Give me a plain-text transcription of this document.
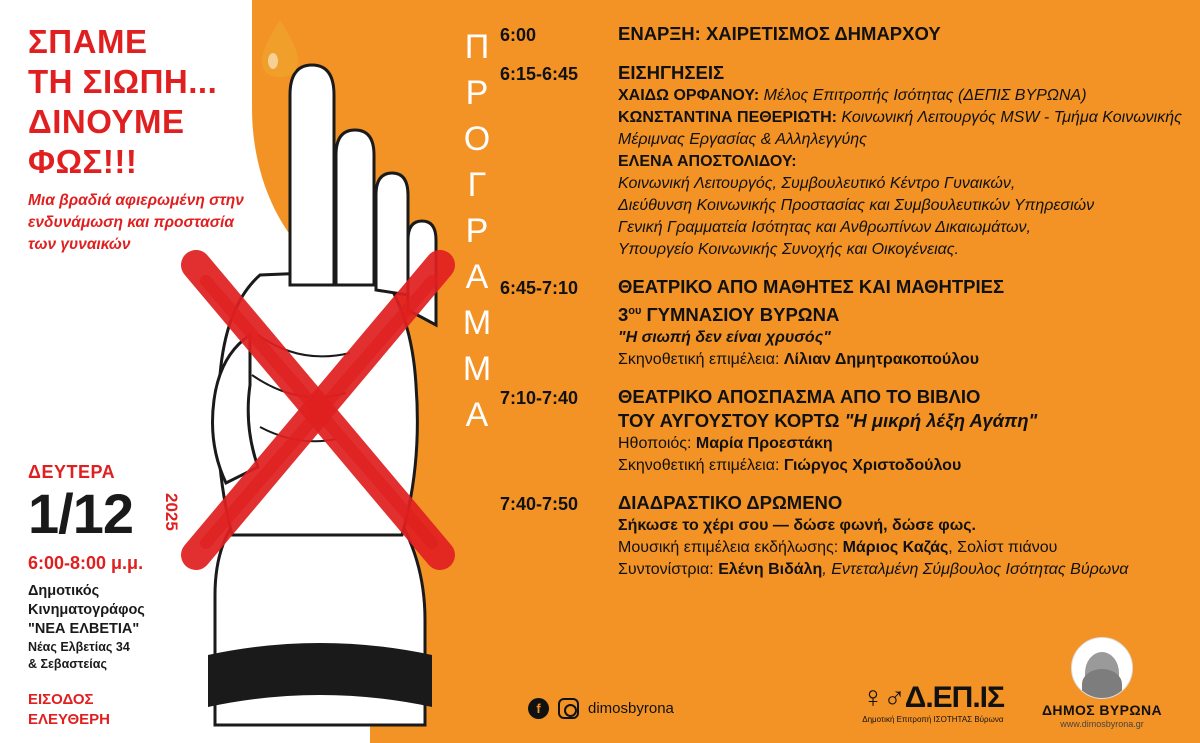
ΣΠΑΜΕ
ΤΗ ΣΙΩΠΗ...
ΔΙΝΟΥΜΕ
ΦΩΣ!!!
Μια βραδιά αφιερωμένη στην ενδυνάμωση και προστασία των γυναικών
ΔΕΥΤΕΡΑ
1/12	2025
6:00-8:00 μ.μ.
Δημοτικός
Κινηματογράφος
"ΝΕΑ ΕΛΒΕΤΙΑ"
Νέας Ελβετίας 34
& Σεβαστείας
ΕΙΣΟΔΟΣ
ΕΛΕΥΘΕΡΗ
Π
Ρ
Ο
Γ
Ρ
Α
Μ
Μ
Α
6:00	ΕΝΑΡΞΗ: ΧΑΙΡΕΤΙΣΜΟΣ ΔΗΜΑΡΧΟΥ
6:15-6:45	ΕΙΣΗΓΗΣΕΙΣ
ΧΑΙΔΩ ΟΡΦΑΝΟΥ: Μέλος Επιτροπής Ισότητας (ΔΕΠΙΣ ΒΥΡΩΝΑ)
ΚΩΝΣΤΑΝΤΙΝΑ ΠΕΘΕΡΙΩΤΗ: Κοινωνική Λειτουργός MSW - Τμήμα Κοινωνικής Μέριμνας Εργασίας & Αλληλεγγύης
ΕΛΕΝΑ ΑΠΟΣΤΟΛΙΔΟΥ:
Κοινωνική Λειτουργός, Συμβουλευτικό Κέντρο Γυναικών,
Διεύθυνση Κοινωνικής Προστασίας και Συμβουλευτικών Υπηρεσιών
Γενική Γραμματεία Ισότητας και Ανθρωπίνων Δικαιωμάτων,
Υπουργείο Κοινωνικής Συνοχής και Οικογένειας.
6:45-7:10	ΘΕΑΤΡΙΚΟ ΑΠΟ ΜΑΘΗΤΕΣ ΚΑΙ ΜΑΘΗΤΡΙΕΣ
$3^{o\upsilon}$ ΓΥΜΝΑΣΙΟΥ ΒΥΡΩΝΑ
"Η σιωπή δεν είναι χρυσός"
Σκηνοθετική επιμέλεια: Λίλιαν Δημητρακοπούλου
7:10-7:40	ΘΕΑΤΡΙΚΟ ΑΠΟΣΠΑΣΜΑ ΑΠΟ ΤΟ ΒΙΒΛΙΟ
ΤΟΥ ΑΥΓΟΥΣΤΟΥ ΚΟΡΤΩ "Η μικρή λέξη Αγάπη"
Ηθοποιός: Μαρία Προεστάκη
Σκηνοθετική επιμέλεια: Γιώργος Χριστοδούλου
7:40-7:50	ΔΙΑΔΡΑΣΤΙΚΟ ΔΡΩΜΕΝΟ
Σήκωσε το χέρι σου — δώσε φωνή, δώσε φως.
Μουσική επιμέλεια εκδήλωσης: Μάριος Καζάς, Σολίστ πιάνου
Συντονίστρια: Ελένη Βιδάλη, Εντεταλμένη Σύμβουλος Ισότητας Βύρωνα
f	dimosbyrona	♀♂Δ.ΕΠ.ΙΣ
Δημοτική Επιτροπή ΙΣΟΤΗΤΑΣ Βύρωνα
ΔΗΜΟΣ ΒΥΡΩΝΑ
www.dimosbyrona.gr
